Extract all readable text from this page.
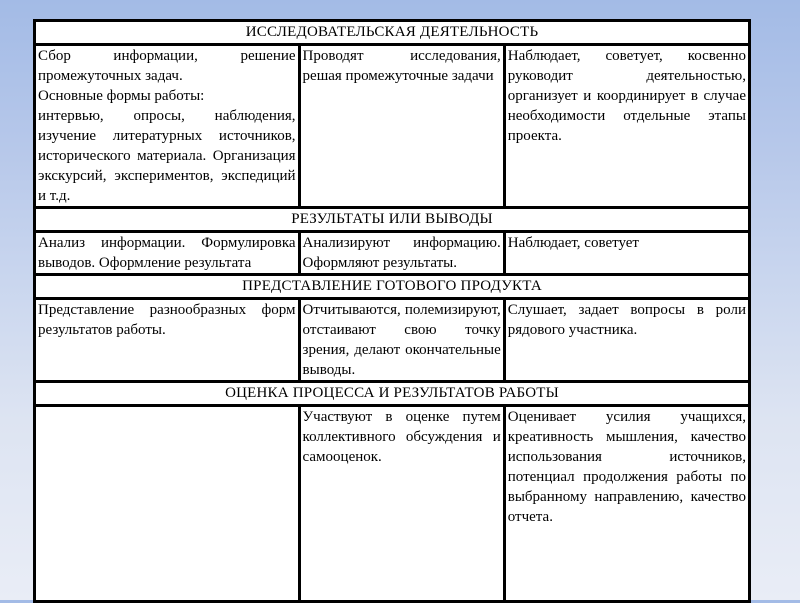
ИССЛЕДОВАТЕЛЬСКАЯ ДЕЯТЕЛЬНОСТЬ		

Сбор информации, решение промежуточных задач.

Основные формы работы:

интервью, опросы, наблюдения, изучение литературных источников, исторического материала. Организация экскурсий, экспериментов, экспедиций и т.д.	Проводят исследования, решая промежуточные задачи	Наблюдает, советует, косвенно руководит деятельностью, организует и координирует в случае необходимости отдельные этапы проекта.

РЕЗУЛЬТАТЫ ИЛИ ВЫВОДЫ		

Анализ информации. Формулировка выводов. Оформление результата	Анализируют информацию. Оформляют результаты.	Наблюдает, советует

ПРЕДСТАВЛЕНИЕ ГОТОВОГО ПРОДУКТА		

Представление разнообразных форм результатов работы.	Отчитываются, полемизируют, отстаивают свою точку зрения, делают окончательные выводы.	Слушает, задает вопросы в роли рядового участника.

ОЦЕНКА ПРОЦЕССА И РЕЗУЛЬТАТОВ РАБОТЫ		

	Участвуют в оценке путем коллективного обсуждения и самооценок.	Оценивает усилия учащихся, креативность мышления, качество использования источников, потенциал продолжения работы по выбранному направлению, качество отчета.
